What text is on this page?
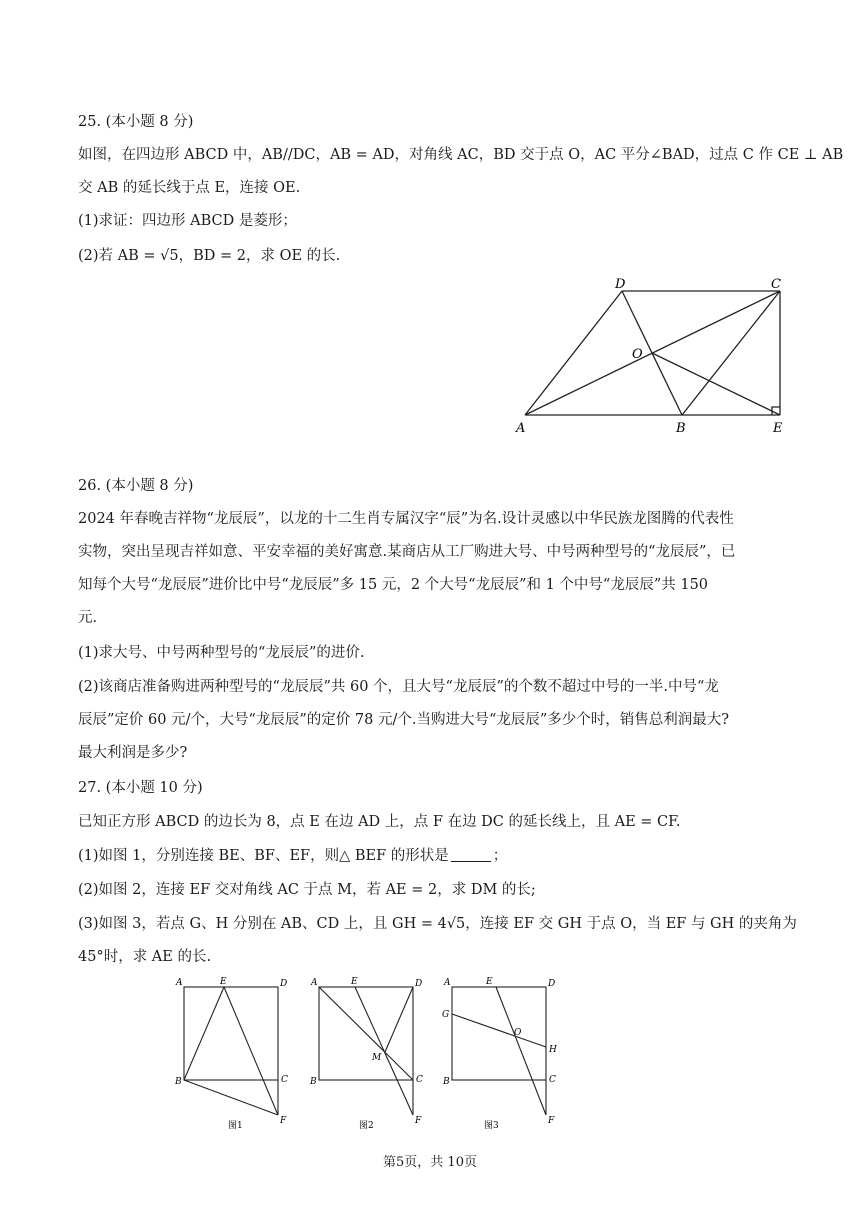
25. (本小题 8 分)
如图，在四边形 ABCD 中，AB//DC，AB = AD，对角线 AC，BD 交于点 O，AC 平分∠BAD，过点 C 作 CE ⊥ AB
交 AB 的延长线于点 E，连接 OE.
(1)求证：四边形 ABCD 是菱形；
(2)若 AB = √5，BD = 2，求 OE 的长.
D	C
O
A	B	E
26. (本小题 8 分)
2024 年春晚吉祥物“龙辰辰”，以龙的十二生肖专属汉字“辰”为名.设计灵感以中华民族龙图腾的代表性
实物，突出呈现吉祥如意、平安幸福的美好寓意.某商店从工厂购进大号、中号两种型号的“龙辰辰”，已
知每个大号“龙辰辰”进价比中号“龙辰辰”多 15 元，2 个大号“龙辰辰”和 1 个中号“龙辰辰”共 150
元.
(1)求大号、中号两种型号的“龙辰辰”的进价.
(2)该商店准备购进两种型号的“龙辰辰”共 60 个，且大号“龙辰辰”的个数不超过中号的一半.中号“龙
辰辰”定价 60 元/个，大号“龙辰辰”的定价 78 元/个.当购进大号“龙辰辰”多少个时，销售总利润最大?
最大利润是多少?
27. (本小题 10 分)
已知正方形 ABCD 的边长为 8，点 E 在边 AD 上，点 F 在边 DC 的延长线上，且 AE = CF.
(1)如图 1，分别连接 BE、BF、EF，则△ BEF 的形状是	；
(2)如图 2，连接 EF 交对角线 AC 于点 M，若 AE = 2，求 DM 的长;
(3)如图 3，若点 G、H 分别在 AB、CD 上，且 GH = 4√5，连接 EF 交 GH 于点 O，当 EF 与 GH 的夹角为
45°时，求 AE 的长.
A	E	D
B	C
F
图1
A	E	D
M
B	C
F
图2
A	E	D
G
O
H
B	C
F
图3
第5页，共 10页
